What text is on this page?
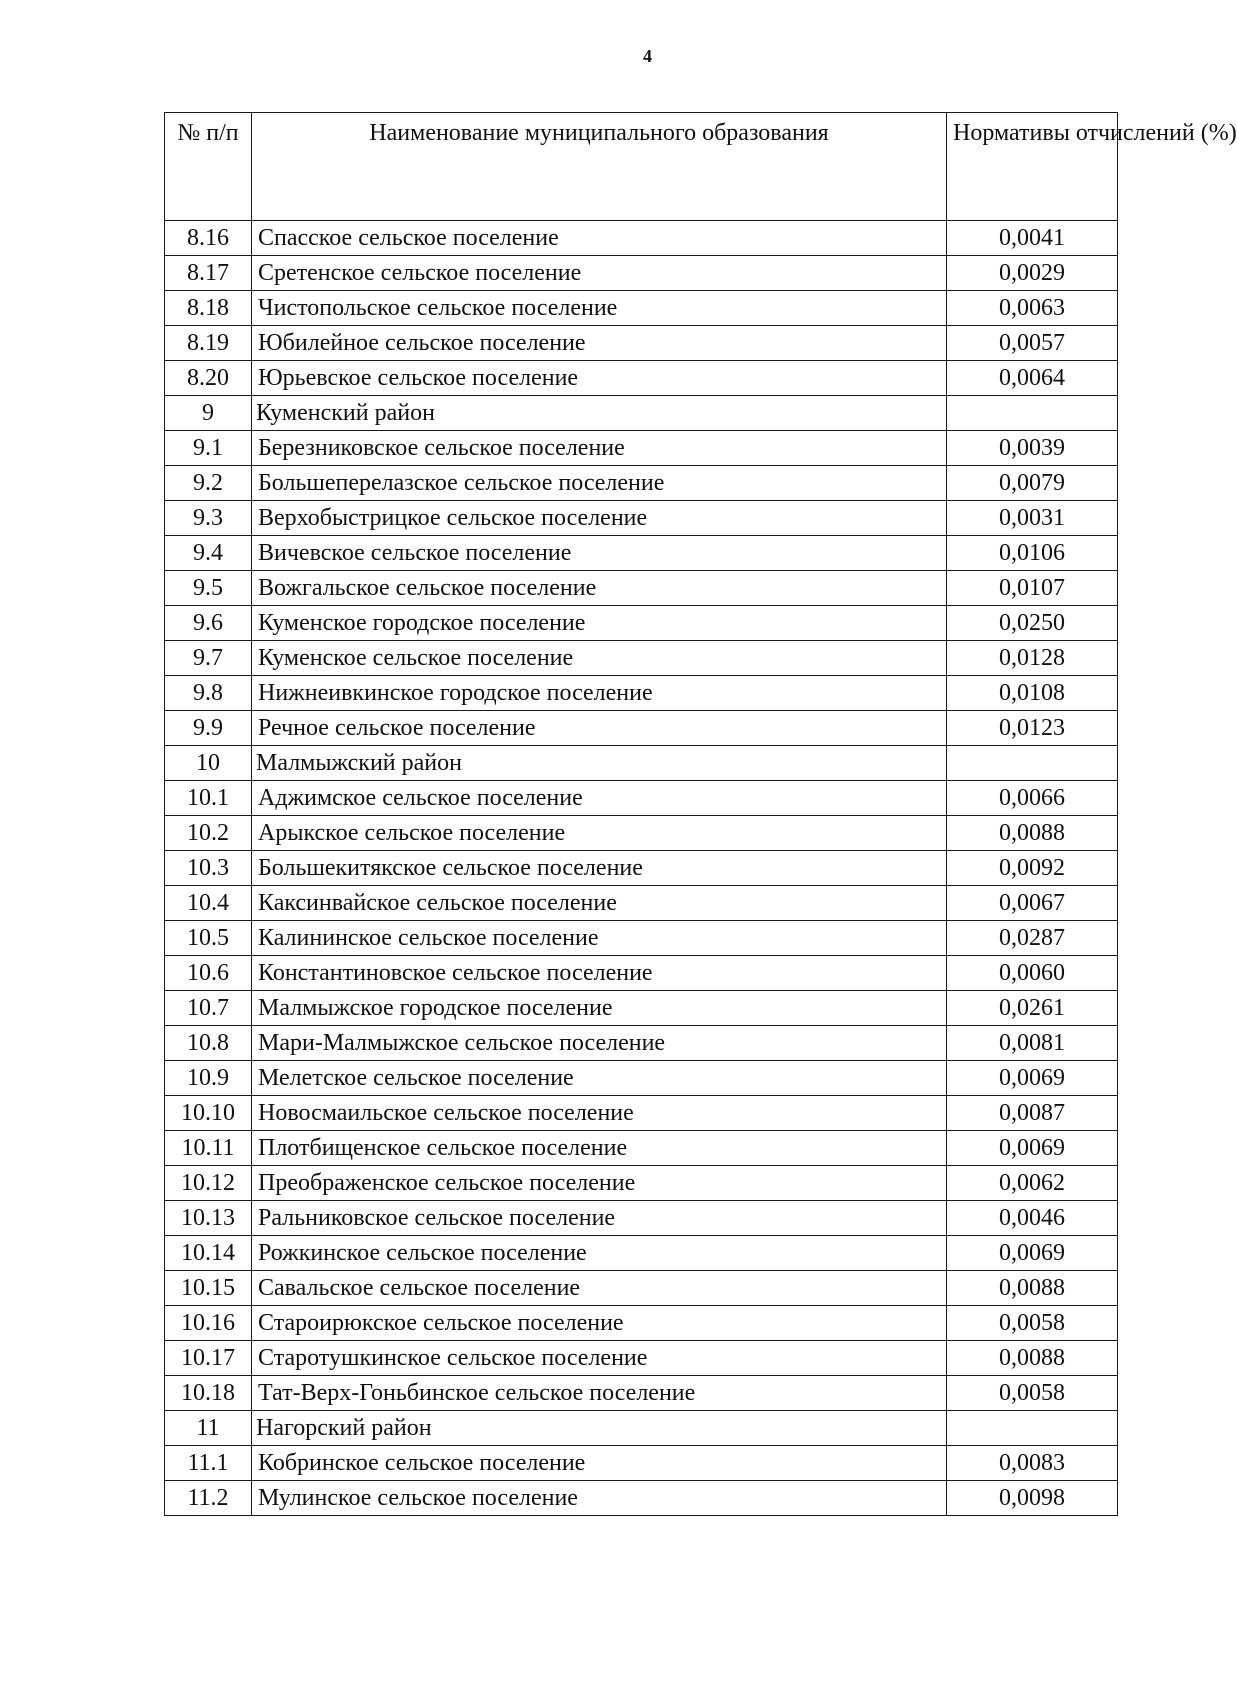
4
№ п/п	Наименование муниципального образования	Нормативы отчислений (%)
8.16	Спасское сельское поселение	0,0041
8.17	Сретенское сельское поселение	0,0029
8.18	Чистопольское сельское поселение	0,0063
8.19	Юбилейное сельское поселение	0,0057
8.20	Юрьевское сельское поселение	0,0064
9	Куменский район	
9.1	Березниковское сельское поселение	0,0039
9.2	Большеперелазское сельское поселение	0,0079
9.3	Верхобыстрицкое сельское поселение	0,0031
9.4	Вичевское сельское поселение	0,0106
9.5	Вожгальское сельское поселение	0,0107
9.6	Куменское городское поселение	0,0250
9.7	Куменское сельское поселение	0,0128
9.8	Нижнеивкинское городское поселение	0,0108
9.9	Речное сельское поселение	0,0123
10	Малмыжский район	
10.1	Аджимское сельское поселение	0,0066
10.2	Арыкское сельское поселение	0,0088
10.3	Большекитякское сельское поселение	0,0092
10.4	Каксинвайское сельское поселение	0,0067
10.5	Калининское сельское поселение	0,0287
10.6	Константиновское сельское поселение	0,0060
10.7	Малмыжское городское поселение	0,0261
10.8	Мари-Малмыжское сельское поселение	0,0081
10.9	Мелетское сельское поселение	0,0069
10.10	Новосмаильское сельское поселение	0,0087
10.11	Плотбищенское сельское поселение	0,0069
10.12	Преображенское сельское поселение	0,0062
10.13	Ральниковское сельское поселение	0,0046
10.14	Рожкинское сельское поселение	0,0069
10.15	Савальское сельское поселение	0,0088
10.16	Староирюкское сельское поселение	0,0058
10.17	Старотушкинское сельское поселение	0,0088
10.18	Тат-Верх-Гоньбинское сельское поселение	0,0058
11	Нагорский район	
11.1	Кобринское сельское поселение	0,0083
11.2	Мулинское сельское поселение	0,0098
